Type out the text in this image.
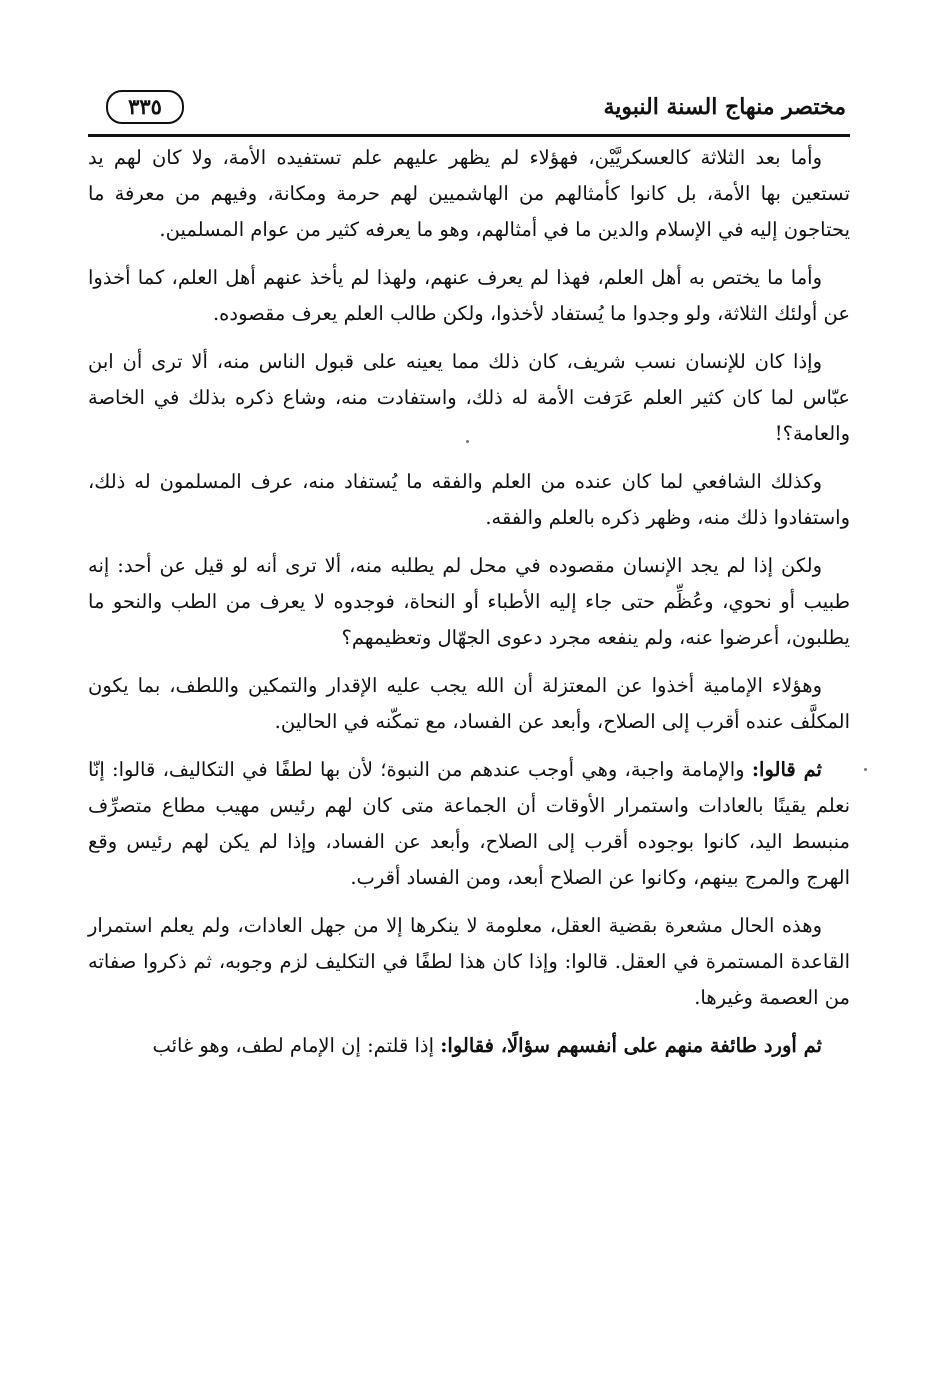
٣٣٥	مختصر منهاج السنة النبوية

وأما بعد الثلاثة كالعسكريَّيْن، فهؤلاء لم يظهر عليهم علم تستفيده الأمة، ولا كان لهم يد تستعين بها الأمة، بل كانوا كأمثالهم من الهاشميين لهم حرمة ومكانة، وفيهم من معرفة ما يحتاجون إليه في الإسلام والدين ما في أمثالهم، وهو ما يعرفه كثير من عوام المسلمين.

وأما ما يختص به أهل العلم، فهذا لم يعرف عنهم، ولهذا لم يأخذ عنهم أهل العلم، كما أخذوا عن أولئك الثلاثة، ولو وجدوا ما يُستفاد لأخذوا، ولكن طالب العلم يعرف مقصوده.

وإذا كان للإنسان نسب شريف، كان ذلك مما يعينه على قبول الناس منه، ألا ترى أن ابن عبّاس لما كان كثير العلم عَرَفت الأمة له ذلك، واستفادت منه، وشاع ذكره بذلك في الخاصة والعامة؟!

وكذلك الشافعي لما كان عنده من العلم والفقه ما يُستفاد منه، عرف المسلمون له ذلك، واستفادوا ذلك منه، وظهر ذكره بالعلم والفقه.

ولكن إذا لم يجد الإنسان مقصوده في محل لم يطلبه منه، ألا ترى أنه لو قيل عن أحد: إنه طبيب أو نحوي، وعُظِّم حتى جاء إليه الأطباء أو النحاة، فوجدوه لا يعرف من الطب والنحو ما يطلبون، أعرضوا عنه، ولم ينفعه مجرد دعوى الجهّال وتعظيمهم؟

وهؤلاء الإمامية أخذوا عن المعتزلة أن الله يجب عليه الإقدار والتمكين واللطف، بما يكون المكلَّف عنده أقرب إلى الصلاح، وأبعد عن الفساد، مع تمكّنه في الحالين.

ثم قالوا: والإمامة واجبة، وهي أوجب عندهم من النبوة؛ لأن بها لطفًا في التكاليف، قالوا: إنّا نعلم يقينًا بالعادات واستمرار الأوقات أن الجماعة متى كان لهم رئيس مهيب مطاع متصرِّف منبسط اليد، كانوا بوجوده أقرب إلى الصلاح، وأبعد عن الفساد، وإذا لم يكن لهم رئيس وقع الهرج والمرج بينهم، وكانوا عن الصلاح أبعد، ومن الفساد أقرب.

وهذه الحال مشعرة بقضية العقل، معلومة لا ينكرها إلا من جهل العادات، ولم يعلم استمرار القاعدة المستمرة في العقل. قالوا: وإذا كان هذا لطفًا في التكليف لزم وجوبه، ثم ذكروا صفاته من العصمة وغيرها.

ثم أورد طائفة منهم على أنفسهم سؤالًا، فقالوا: إذا قلتم: إن الإمام لطف، وهو غائب
